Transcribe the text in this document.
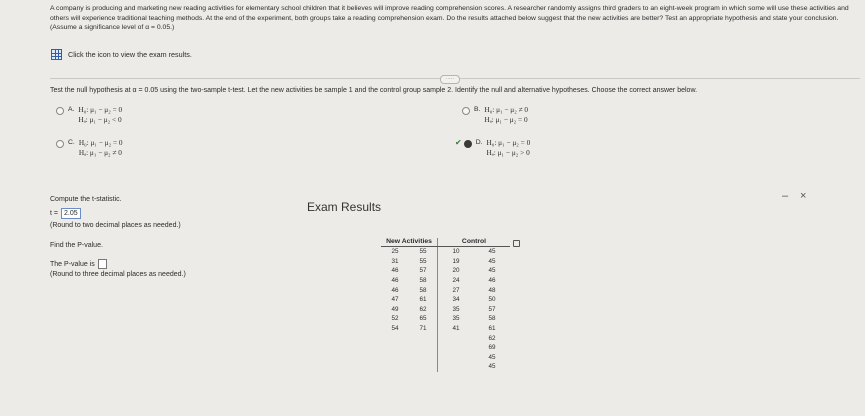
A company is producing and marketing new reading activities for elementary school children that it believes will improve reading comprehension scores. A researcher randomly assigns third graders to an eight-week program in which some will use these activities and others will experience traditional teaching methods. At the end of the experiment, both groups take a reading comprehension exam. Do the results attached below suggest that the new activities are better? Test an appropriate hypothesis and state your conclusion. (Assume a significance level of α = 0.05.)
Click the icon to view the exam results.
·····
Test the null hypothesis at α = 0.05 using the two-sample t-test. Let the new activities be sample 1 and the control group sample 2. Identify the null and alternative hypotheses. Choose the correct answer below.
A. H₀: μ₁ − μ₂ = 0
Hₐ: μ₁ − μ₂ < 0
B. H₀: μ₁ − μ₂ ≠ 0
Hₐ: μ₁ − μ₂ = 0
C. H₀: μ₁ − μ₂ = 0
Hₐ: μ₁ − μ₂ ≠ 0
✔ D. H₀: μ₁ − μ₂ = 0
Hₐ: μ₁ − μ₂ > 0
Compute the t-statistic.
t = 2.05
(Round to two decimal places as needed.)
Find the P-value.
The P-value is
(Round to three decimal places as needed.)
Exam Results
– ×
New Activities		Control	
25	55	10	45
31	55	19	45
46	57	20	45
46	58	24	46
46	58	27	48
47	61	34	50
49	62	35	57
52	65	35	58
54	71	41	61
			62
			69
			45
			45
